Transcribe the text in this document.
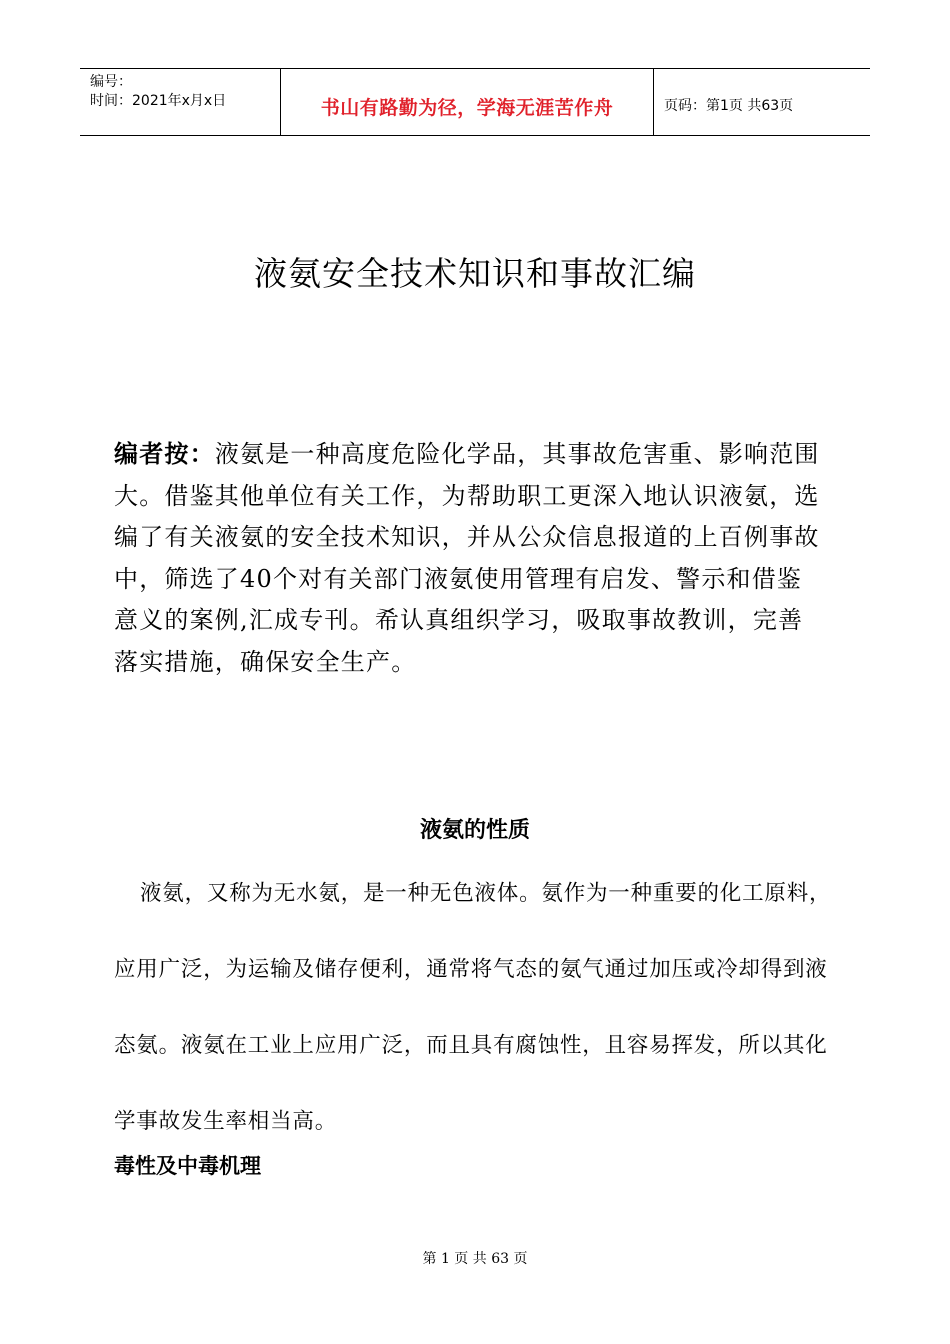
编号：
时间：2021年x月x日	书山有路勤为径，学海无涯苦作舟	页码：第1页 共63页
液氨安全技术知识和事故汇编
编者按：液氨是一种高度危险化学品，其事故危害重、影响范围
大。借鉴其他单位有关工作，为帮助职工更深入地认识液氨，选
编了有关液氨的安全技术知识，并从公众信息报道的上百例事故
中，筛选了40个对有关部门液氨使用管理有启发、警示和借鉴
意义的案例,汇成专刊。希认真组织学习，吸取事故教训，完善
落实措施，确保安全生产。
液氨的性质
液氨，又称为无水氨，是一种无色液体。氨作为一种重要的化工原料，
应用广泛，为运输及储存便利，通常将气态的氨气通过加压或冷却得到液
态氨。液氨在工业上应用广泛，而且具有腐蚀性，且容易挥发，所以其化
学事故发生率相当高。
毒性及中毒机理
第 1 页 共 63 页
